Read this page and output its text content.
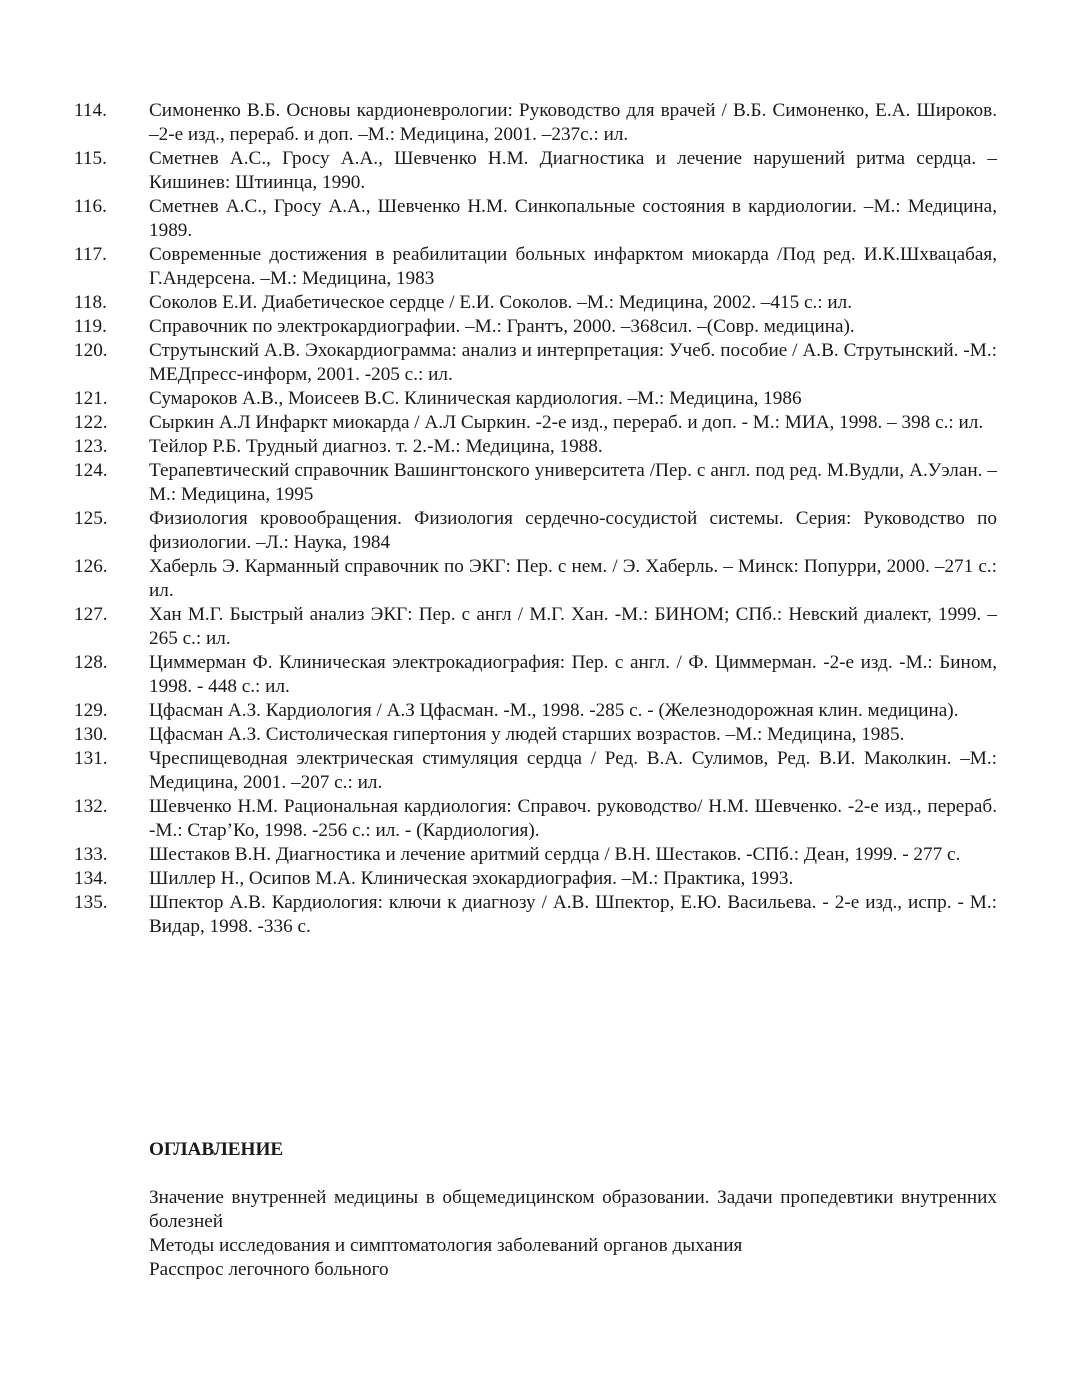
114.	Симоненко В.Б. Основы кардионеврологии: Руководство для врачей / В.Б. Симоненко, Е.А. Широков. –2-е изд., перераб. и доп. –М.: Медицина, 2001. –237с.: ил.
115.	Сметнев А.С., Гросу А.А., Шевченко Н.М. Диагностика и лечение нарушений ритма сердца. – Кишинев: Штиинца, 1990.
116.	Сметнев А.С., Гросу А.А., Шевченко Н.М. Синкопальные состояния в кардиологии. –М.: Медицина, 1989.
117.	Современные достижения в реабилитации больных инфарктом миокарда /Под ред. И.К.Шхвацабая, Г.Андерсена. –М.: Медицина, 1983
118.	Соколов Е.И. Диабетическое сердце / Е.И. Соколов. –М.: Медицина, 2002. –415 с.: ил.
119.	Справочник по электрокардиографии. –М.: Грантъ, 2000. –368сил. –(Совр. медицина).
120.	Струтынский А.В. Эхокардиограмма: анализ и интерпретация: Учеб. пособие / А.В. Струтынский. -М.: МЕДпресс-информ, 2001. -205 с.: ил.
121.	Сумароков А.В., Моисеев В.С. Клиническая кардиология. –М.: Медицина, 1986
122.	Сыркин А.Л Инфаркт миокарда / А.Л Сыркин. -2-е изд., перераб. и доп. - М.: МИА, 1998. – 398 с.: ил.
123.	Тейлор Р.Б. Трудный диагноз. т. 2.-М.: Медицина, 1988.
124.	Терапевтический справочник Вашингтонского университета /Пер. с англ. под ред. М.Вудли, А.Уэлан. –М.: Медицина, 1995
125.	Физиология кровообращения. Физиология сердечно-сосудистой системы. Серия: Руководство по физиологии. –Л.: Наука, 1984
126.	Хаберль Э. Карманный справочник по ЭКГ: Пер. с нем. / Э. Хаберль. – Минск: Попурри, 2000. –271 с.: ил.
127.	Хан М.Г. Быстрый анализ ЭКГ: Пер. с англ / М.Г. Хан. -М.: БИНОМ; СПб.: Невский диалект, 1999. –265 с.: ил.
128.	Циммерман Ф. Клиническая электрокадиография: Пер. с англ. / Ф. Циммерман. -2-е изд. -М.: Бином, 1998. - 448 с.: ил.
129.	Цфасман А.З. Кардиология / А.З Цфасман. -М., 1998. -285 с. - (Железнодорожная клин. медицина).
130.	Цфасман А.З. Систолическая гипертония у людей старших возрастов. –М.: Медицина, 1985.
131.	Чреспищеводная электрическая стимуляция сердца / Ред. В.А. Сулимов, Ред. В.И. Маколкин. –М.: Медицина, 2001. –207 с.: ил.
132.	Шевченко Н.М. Рациональная кардиология: Справоч. руководство/ Н.М. Шевченко. -2-е изд., перераб. -М.: Стар’Ко, 1998. -256 с.: ил. - (Кардиология).
133.	Шестаков В.Н. Диагностика и лечение аритмий сердца / В.Н. Шестаков. -СПб.: Деан, 1999. - 277 с.
134.	Шиллер Н., Осипов М.А. Клиническая эхокардиография. –М.: Практика, 1993.
135.	Шпектор А.В. Кардиология: ключи к диагнозу / А.В. Шпектор, Е.Ю. Васильева. - 2-е изд., испр. - М.: Видар, 1998. -336 с.
ОГЛАВЛЕНИЕ
Значение внутренней медицины в общемедицинском образовании. Задачи пропедевтики внутренних болезней
Методы исследования и симптоматология заболеваний органов дыхания
Расспрос легочного больного
